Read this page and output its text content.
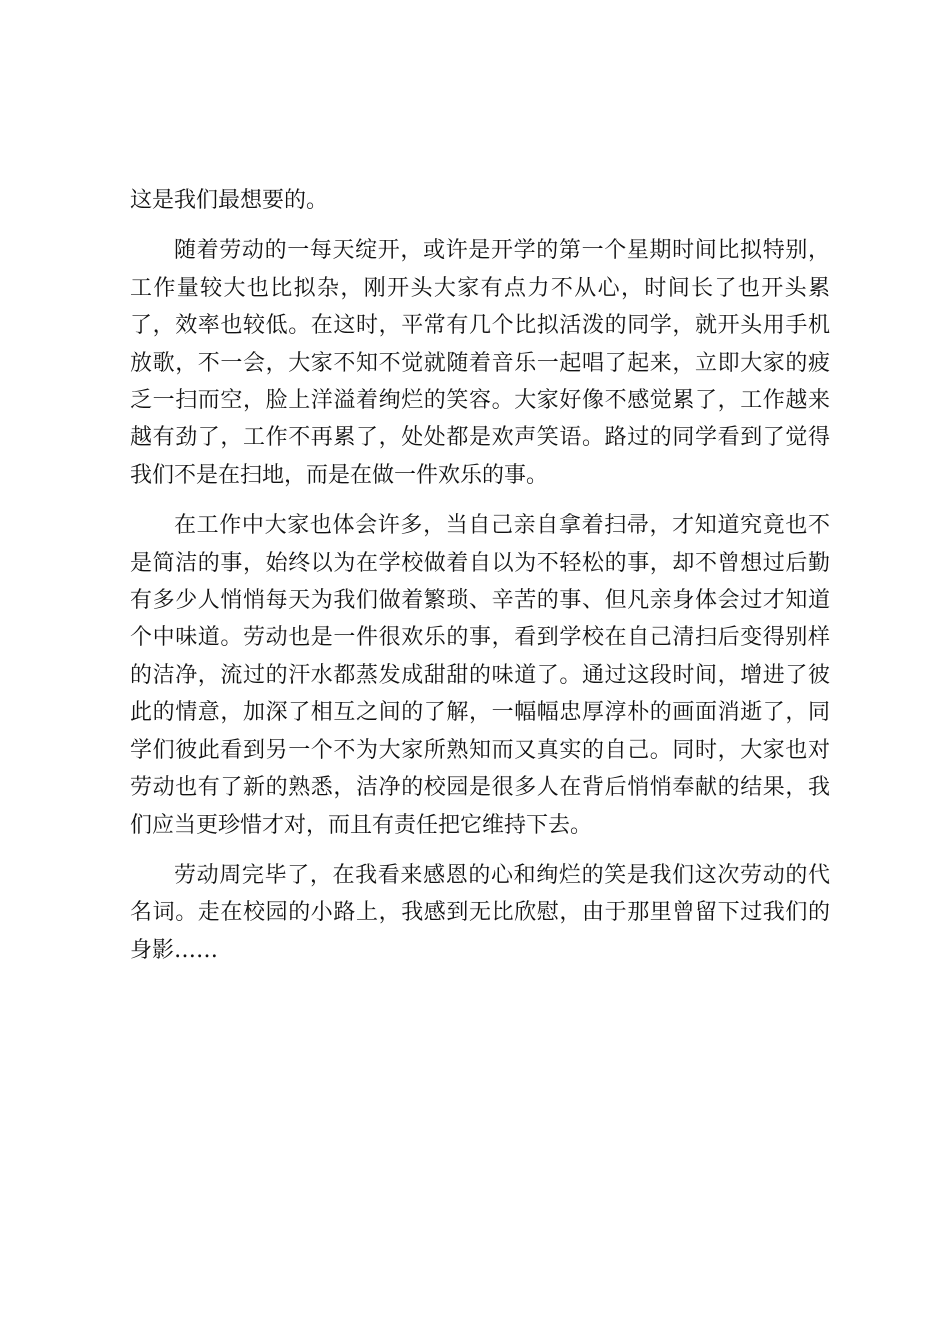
这是我们最想要的。

随着劳动的一每天绽开，或许是开学的第一个星期时间比拟特别，工作量较大也比拟杂，刚开头大家有点力不从心，时间长了也开头累了，效率也较低。在这时，平常有几个比拟活泼的同学，就开头用手机放歌，不一会，大家不知不觉就随着音乐一起唱了起来，立即大家的疲乏一扫而空，脸上洋溢着绚烂的笑容。大家好像不感觉累了，工作越来越有劲了，工作不再累了，处处都是欢声笑语。路过的同学看到了觉得我们不是在扫地，而是在做一件欢乐的事。

在工作中大家也体会许多，当自己亲自拿着扫帚，才知道究竟也不是简洁的事，始终以为在学校做着自以为不轻松的事，却不曾想过后勤有多少人悄悄每天为我们做着繁琐、辛苦的事、但凡亲身体会过才知道个中味道。劳动也是一件很欢乐的事，看到学校在自己清扫后变得别样的洁净，流过的汗水都蒸发成甜甜的味道了。通过这段时间，增进了彼此的情意，加深了相互之间的了解，一幅幅忠厚淳朴的画面消逝了，同学们彼此看到另一个不为大家所熟知而又真实的自己。同时，大家也对劳动也有了新的熟悉，洁净的校园是很多人在背后悄悄奉献的结果，我们应当更珍惜才对，而且有责任把它维持下去。

劳动周完毕了，在我看来感恩的心和绚烂的笑是我们这次劳动的代名词。走在校园的小路上，我感到无比欣慰，由于那里曾留下过我们的身影……
